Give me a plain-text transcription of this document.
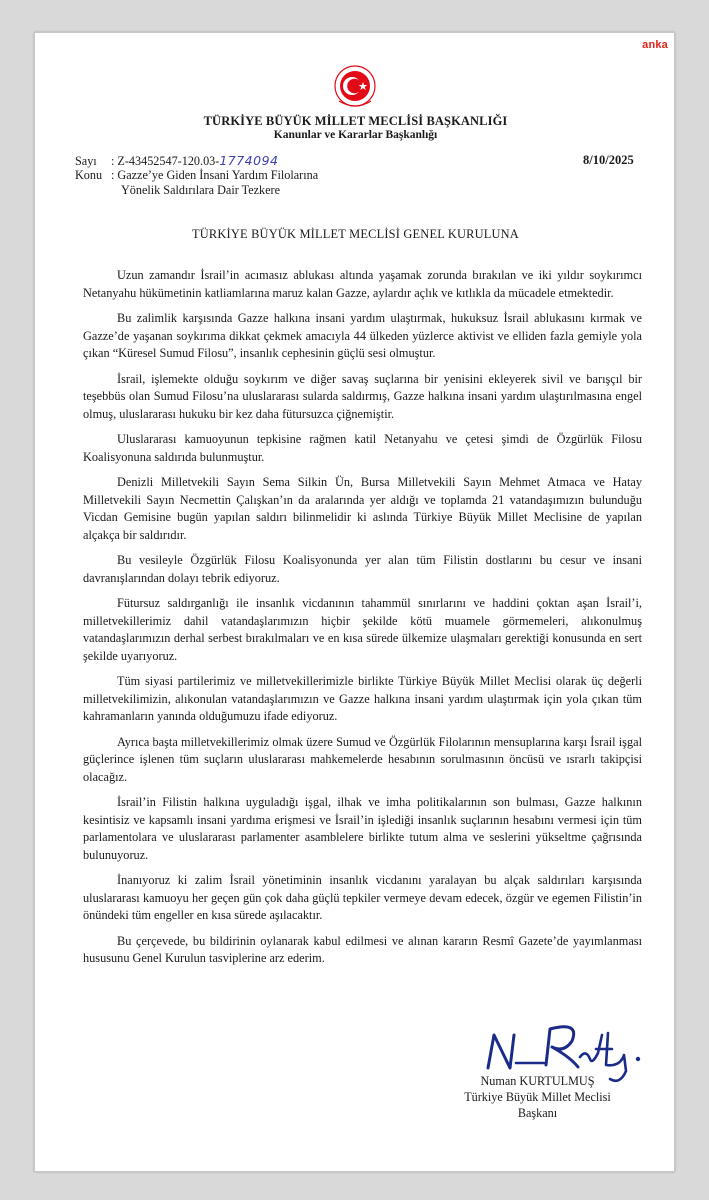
anka
TÜRKİYE BÜYÜK MİLLET MECLİSİ BAŞKANLIĞI
Kanunlar ve Kararlar Başkanlığı
Sayı : Z-43452547-120.03-1774094
Konu : Gazze’ye Giden İnsani Yardım Filolarına
Yönelik Saldırılara Dair Tezkere
8/10/2025
TÜRKİYE BÜYÜK MİLLET MECLİSİ GENEL KURULUNA

Uzun zamandır İsrail’in acımasız ablukası altında yaşamak zorunda bırakılan ve iki yıldır soykırımcı Netanyahu hükümetinin katliamlarına maruz kalan Gazze, aylardır açlık ve kıtlıkla da mücadele etmektedir.

Bu zalimlik karşısında Gazze halkına insani yardım ulaştırmak, hukuksuz İsrail ablukasını kırmak ve Gazze’de yaşanan soykırıma dikkat çekmek amacıyla 44 ülkeden yüzlerce aktivist ve elliden fazla gemiyle yola çıkan “Küresel Sumud Filosu”, insanlık cephesinin güçlü sesi olmuştur.

İsrail, işlemekte olduğu soykırım ve diğer savaş suçlarına bir yenisini ekleyerek sivil ve barışçıl bir teşebbüs olan Sumud Filosu’na uluslararası sularda saldırmış, Gazze halkına insani yardım ulaştırılmasına engel olmuş, uluslararası hukuku bir kez daha fütursuzca çiğnemiştir.

Uluslararası kamuoyunun tepkisine rağmen katil Netanyahu ve çetesi şimdi de Özgürlük Filosu Koalisyonuna saldırıda bulunmuştur.

Denizli Milletvekili Sayın Sema Silkin Ün, Bursa Milletvekili Sayın Mehmet Atmaca ve Hatay Milletvekili Sayın Necmettin Çalışkan’ın da aralarında yer aldığı ve toplamda 21 vatandaşımızın bulunduğu Vicdan Gemisine bugün yapılan saldırı bilinmelidir ki aslında Türkiye Büyük Millet Meclisine de yapılan alçakça bir saldırıdır.

Bu vesileyle Özgürlük Filosu Koalisyonunda yer alan tüm Filistin dostlarını bu cesur ve insani davranışlarından dolayı tebrik ediyoruz.

Fütursuz saldırganlığı ile insanlık vicdanının tahammül sınırlarını ve haddini çoktan aşan İsrail’i, milletvekillerimiz dahil vatandaşlarımızın hiçbir şekilde kötü muamele görmemeleri, alıkonulmuş vatandaşlarımızın derhal serbest bırakılmaları ve en kısa sürede ülkemize ulaşmaları gerektiği konusunda en sert şekilde uyarıyoruz.

Tüm siyasi partilerimiz ve milletvekillerimizle birlikte Türkiye Büyük Millet Meclisi olarak üç değerli milletvekilimizin, alıkonulan vatandaşlarımızın ve Gazze halkına insani yardım ulaştırmak için yola çıkan tüm kahramanların yanında olduğumuzu ifade ediyoruz.

Ayrıca başta milletvekillerimiz olmak üzere Sumud ve Özgürlük Filolarının mensuplarına karşı İsrail işgal güçlerince işlenen tüm suçların uluslararası mahkemelerde hesabının sorulmasının öncüsü ve ısrarlı takipçisi olacağız.

İsrail’in Filistin halkına uyguladığı işgal, ilhak ve imha politikalarının son bulması, Gazze halkının kesintisiz ve kapsamlı insani yardıma erişmesi ve İsrail’in işlediği insanlık suçlarının hesabını vermesi için tüm parlamentolara ve uluslararası parlamenter asamblelere birlikte tutum alma ve seslerini yükseltme çağrısında bulunuyoruz.

İnanıyoruz ki zalim İsrail yönetiminin insanlık vicdanını yaralayan bu alçak saldırıları karşısında uluslararası kamuoyu her geçen gün çok daha güçlü tepkiler vermeye devam edecek, özgür ve egemen Filistin’in önündeki tüm engeller en kısa sürede aşılacaktır.

Bu çerçevede, bu bildirinin oylanarak kabul edilmesi ve alınan kararın Resmî Gazete’de yayımlanması hususunu Genel Kurulun tasviplerine arz ederim.

Numan KURTULMUŞ
Türkiye Büyük Millet Meclisi
Başkanı
